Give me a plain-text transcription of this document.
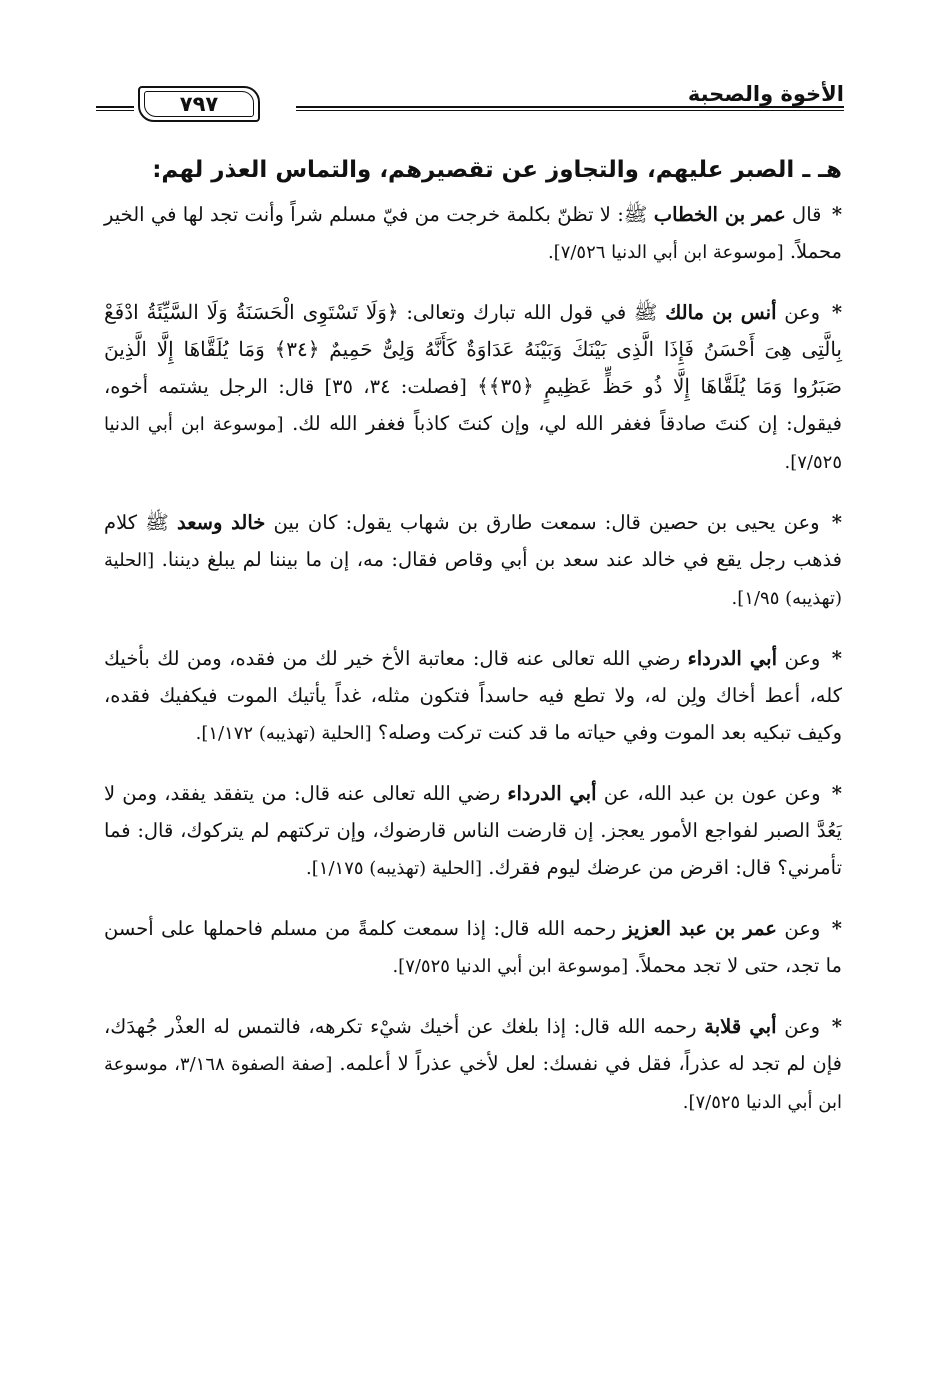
الأخوة والصحبة
٧٩٧
هـ ـ الصبر عليهم، والتجاوز عن تقصيرهم، والتماس العذر لهم:

* قال عمر بن الخطاب ﷺ: لا تظنّ بكلمة خرجت من فيّ مسلم شراً وأنت تجد لها في الخير محملاً. [موسوعة ابن أبي الدنيا ٧/٥٢٦].

* وعن أنس بن مالك ﷺ في قول الله تبارك وتعالى: ﴿وَلَا تَسْتَوِى الْحَسَنَةُ وَلَا السَّيِّئَةُ ادْفَعْ بِالَّتِى هِىَ أَحْسَنُ فَإِذَا الَّذِى بَيْنَكَ وَبَيْنَهُ عَدَاوَةٌ كَأَنَّهُ وَلِىٌّ حَمِيمٌ ﴿٣٤﴾ وَمَا يُلَقَّاهَا إِلَّا الَّذِينَ صَبَرُوا وَمَا يُلَقَّاهَا إِلَّا ذُو حَظٍّ عَظِيمٍ ﴿٣٥﴾﴾ [فصلت: ٣٤، ٣٥] قال: الرجل يشتمه أخوه، فيقول: إن كنتَ صادقاً فغفر الله لي، وإن كنتَ كاذباً فغفر الله لك. [موسوعة ابن أبي الدنيا ٧/٥٢٥].

* وعن يحيى بن حصين قال: سمعت طارق بن شهاب يقول: كان بين خالد وسعد ﷺ كلام فذهب رجل يقع في خالد عند سعد بن أبي وقاص فقال: مه، إن ما بيننا لم يبلغ ديننا. [الحلية (تهذيبه) ١/٩٥].

* وعن أبي الدرداء رضي الله تعالى عنه قال: معاتبة الأخ خير لك من فقده، ومن لك بأخيك كله، أعط أخاك ولِن له، ولا تطع فيه حاسداً فتكون مثله، غداً يأتيك الموت فيكفيك فقده، وكيف تبكيه بعد الموت وفي حياته ما قد كنت تركت وصله؟ [الحلية (تهذيبه) ١/١٧٢].

* وعن عون بن عبد الله، عن أبي الدرداء رضي الله تعالى عنه قال: من يتفقد يفقد، ومن لا يَعُدَّ الصبر لفواجع الأمور يعجز. إن قارضت الناس قارضوك، وإن تركتهم لم يتركوك، قال: فما تأمرني؟ قال: اقرض من عرضك ليوم فقرك. [الحلية (تهذيبه) ١/١٧٥].

* وعن عمر بن عبد العزيز رحمه الله قال: إذا سمعت كلمةً من مسلم فاحملها على أحسن ما تجد، حتى لا تجد محملاً. [موسوعة ابن أبي الدنيا ٧/٥٢٥].

* وعن أبي قلابة رحمه الله قال: إذا بلغك عن أخيك شيْء تكرهه، فالتمس له العذْر جُهدَك، فإن لم تجد له عذراً، فقل في نفسك: لعل لأخي عذراً لا أعلمه. [صفة الصفوة ٣/١٦٨، موسوعة ابن أبي الدنيا ٧/٥٢٥].
